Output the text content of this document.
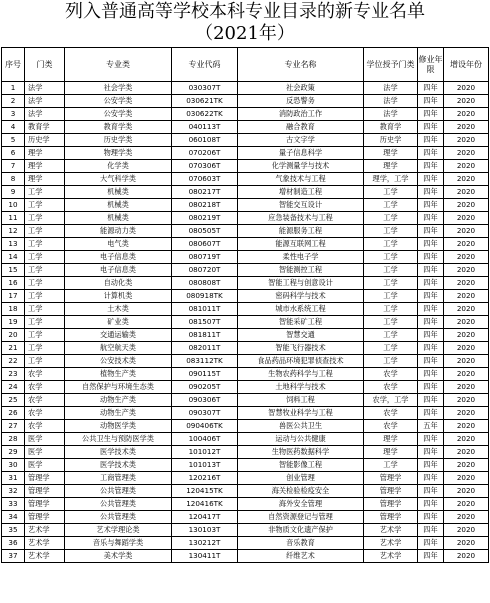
列入普通高等学校本科专业目录的新专业名单
（2021年）
序号	门类	专业类	专业代码	专业名称	学位授予门类	修业年限	增设年份
1	法学	社会学类	030307T	社会政策	法学	四年	2020
2	法学	公安学类	030621TK	反恐警务	法学	四年	2020
3	法学	公安学类	030622TK	消防政治工作	法学	四年	2020
4	教育学	教育学类	040113T	融合教育	教育学	四年	2020
5	历史学	历史学类	060108T	古文字学	历史学	四年	2020
6	理学	物理学类	070206T	量子信息科学	理学	四年	2020
7	理学	化学类	070306T	化学测量学与技术	理学	四年	2020
8	理学	大气科学类	070603T	气象技术与工程	理学，工学	四年	2020
9	工学	机械类	080217T	增材制造工程	工学	四年	2020
10	工学	机械类	080218T	智能交互设计	工学	四年	2020
11	工学	机械类	080219T	应急装备技术与工程	工学	四年	2020
12	工学	能源动力类	080505T	能源服务工程	工学	四年	2020
13	工学	电气类	080607T	能源互联网工程	工学	四年	2020
14	工学	电子信息类	080719T	柔性电子学	工学	四年	2020
15	工学	电子信息类	080720T	智能测控工程	工学	四年	2020
16	工学	自动化类	080808T	智能工程与创意设计	工学	四年	2020
17	工学	计算机类	080918TK	密码科学与技术	工学	四年	2020
18	工学	土木类	081011T	城市水系统工程	工学	四年	2020
19	工学	矿业类	081507T	智能采矿工程	工学	四年	2020
20	工学	交通运输类	081811T	智慧交通	工学	四年	2020
21	工学	航空航天类	082011T	智能飞行器技术	工学	四年	2020
22	工学	公安技术类	083112TK	食品药品环境犯罪侦查技术	工学	四年	2020
23	农学	植物生产类	090115T	生物农药科学与工程	农学	四年	2020
24	农学	自然保护与环境生态类	090205T	土地科学与技术	农学	四年	2020
25	农学	动物生产类	090306T	饲料工程	农学，工学	四年	2020
26	农学	动物生产类	090307T	智慧牧业科学与工程	农学	四年	2020
27	农学	动物医学类	090406TK	兽医公共卫生	农学	五年	2020
28	医学	公共卫生与预防医学类	100406T	运动与公共健康	理学	四年	2020
29	医学	医学技术类	101012T	生物医药数据科学	理学	四年	2020
30	医学	医学技术类	101013T	智能影像工程	工学	四年	2020
31	管理学	工商管理类	120216T	创业管理	管理学	四年	2020
32	管理学	公共管理类	120415TK	海关检验检疫安全	管理学	四年	2020
33	管理学	公共管理类	120416TK	海外安全管理	管理学	四年	2020
34	管理学	公共管理类	120417T	自然资源登记与管理	管理学	四年	2020
35	艺术学	艺术学理论类	130103T	非物质文化遗产保护	艺术学	四年	2020
36	艺术学	音乐与舞蹈学类	130212T	音乐教育	艺术学	四年	2020
37	艺术学	美术学类	130411T	纤维艺术	艺术学	四年	2020
